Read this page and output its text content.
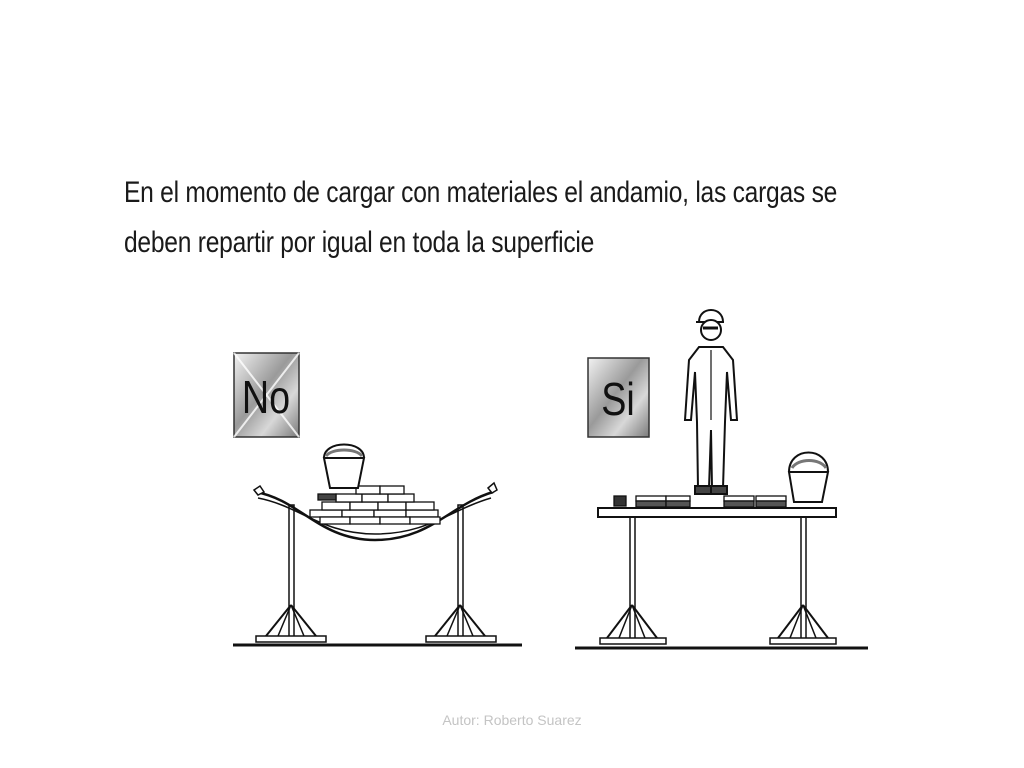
En el momento de cargar con materiales el andamio, las cargas se
deben repartir por igual en toda la superficie

No	Si
Autor: Roberto Suarez
